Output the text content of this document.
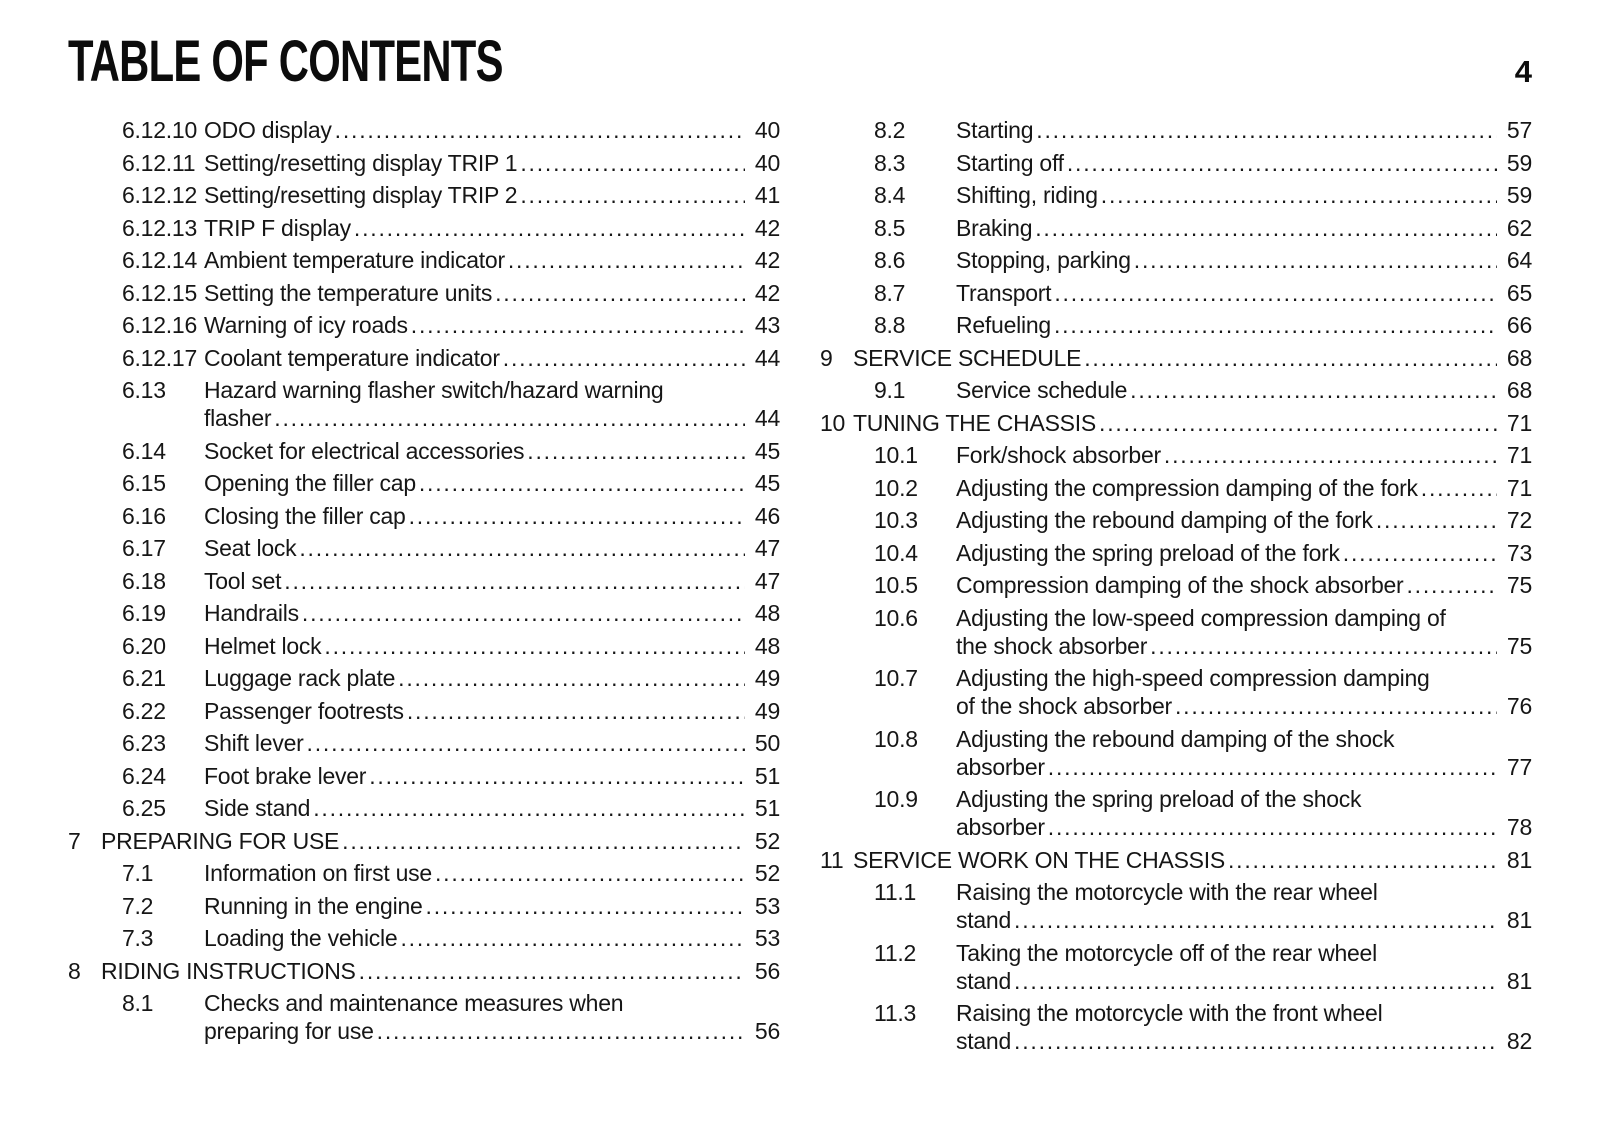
TABLE OF CONTENTS	4
6.12.10 ODO display .....	40
6.12.11 Setting/resetting display TRIP 1 .....	40
6.12.12 Setting/resetting display TRIP 2 .....	41
6.12.13 TRIP F display .....	42
6.12.14 Ambient temperature indicator .....	42
6.12.15 Setting the temperature units .....	42
6.12.16 Warning of icy roads .....	43
6.12.17 Coolant temperature indicator .....	44
6.13	Hazard warning flasher switch/hazard warning
flasher .....	44
6.14	Socket for electrical accessories .....	45
6.15	Opening the filler cap .....	45
6.16	Closing the filler cap .....	46
6.17	Seat lock .....	47
6.18	Tool set .....	47
6.19	Handrails .....	48
6.20	Helmet lock .....	48
6.21	Luggage rack plate .....	49
6.22	Passenger footrests .....	49
6.23	Shift lever .....	50
6.24	Foot brake lever .....	51
6.25	Side stand .....	51
7 PREPARING FOR USE .....	52
7.1	Information on first use .....	52
7.2	Running in the engine .....	53
7.3	Loading the vehicle .....	53
8 RIDING INSTRUCTIONS .....	56
8.1	Checks and maintenance measures when
preparing for use .....	56
8.2	Starting .....	57
8.3	Starting off .....	59
8.4	Shifting, riding .....	59
8.5	Braking .....	62
8.6	Stopping, parking .....	64
8.7	Transport .....	65
8.8	Refueling .....	66
9 SERVICE SCHEDULE .....	68
9.1	Service schedule .....	68
10 TUNING THE CHASSIS .....	71
10.1	Fork/shock absorber .....	71
10.2	Adjusting the compression damping of the fork .....	71
10.3	Adjusting the rebound damping of the fork .....	72
10.4	Adjusting the spring preload of the fork .....	73
10.5	Compression damping of the shock absorber .....	75
10.6	Adjusting the low-speed compression damping of
the shock absorber .....	75
10.7	Adjusting the high-speed compression damping
of the shock absorber .....	76
10.8	Adjusting the rebound damping of the shock
absorber .....	77
10.9	Adjusting the spring preload of the shock
absorber .....	78
11 SERVICE WORK ON THE CHASSIS .....	81
11.1	Raising the motorcycle with the rear wheel
stand .....	81
11.2	Taking the motorcycle off of the rear wheel
stand .....	81
11.3	Raising the motorcycle with the front wheel
stand .....	82
